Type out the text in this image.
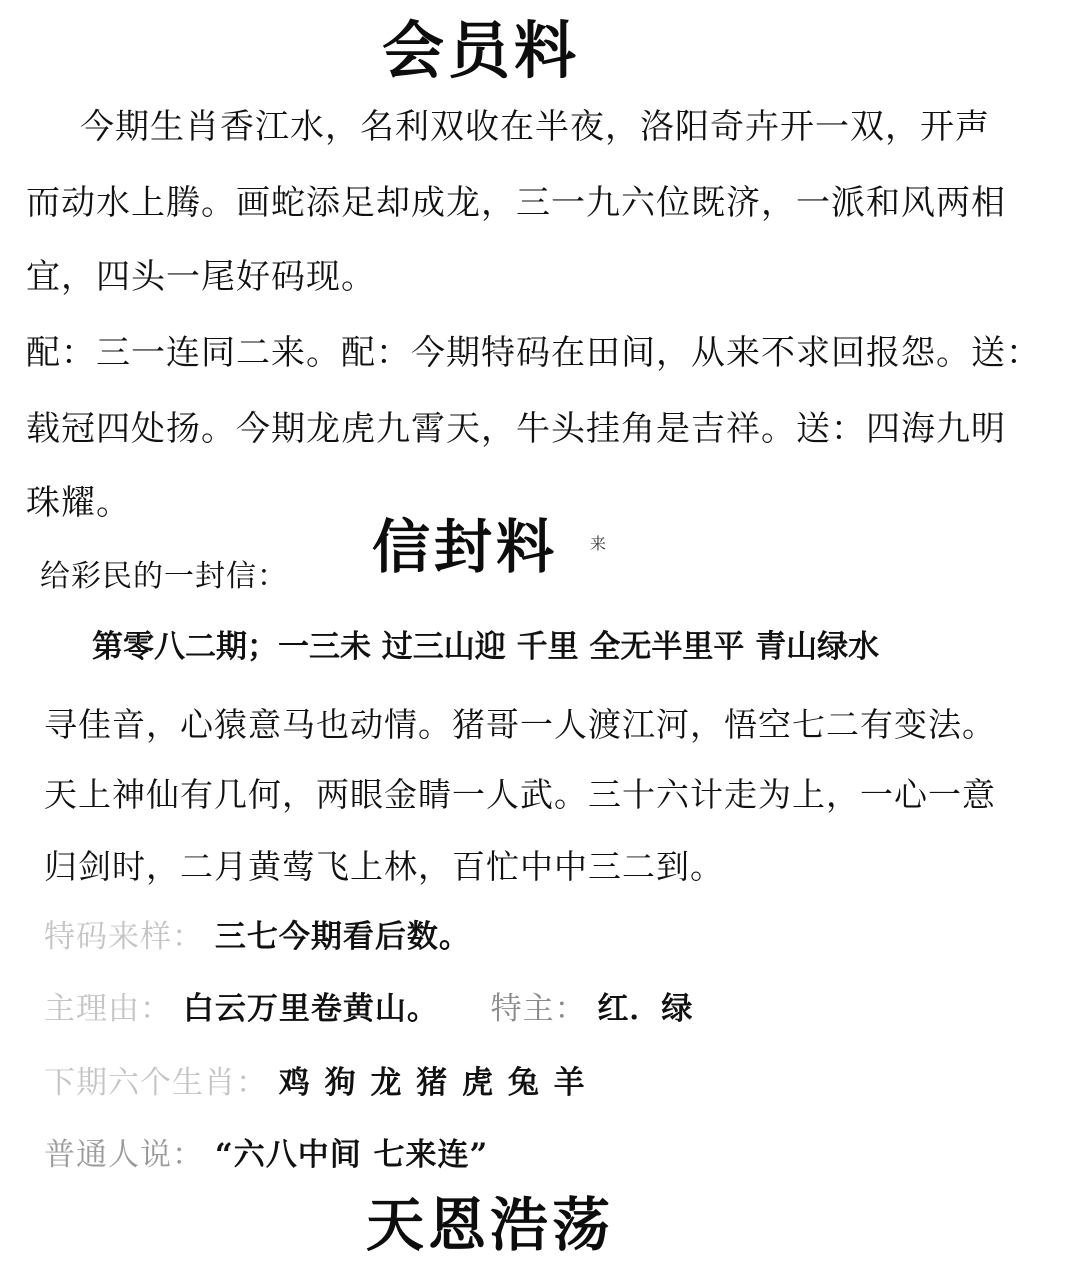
会员料
今期生肖香江水，名利双收在半夜，洛阳奇卉开一双，开声
而动水上腾。画蛇添足却成龙，三一九六位既济，一派和风两相
宜，四头一尾好码现。
配：三一连同二来。配：今期特码在田间，从来不求回报怨。送：
载冠四处扬。今期龙虎九霄天，牛头挂角是吉祥。送：四海九明
珠耀。
信封料 来
给彩民的一封信：
第零八二期；一三未 过三山迎 千里 全无半里平 青山绿水
寻佳音，心猿意马也动情。猪哥一人渡江河，悟空七二有变法。
天上神仙有几何，两眼金睛一人武。三十六计走为上，一心一意
归剑时，二月黄莺飞上林，百忙中中三二到。
特码来样： 三七今期看后数。
主理由： 白云万里卷黄山。 特主： 红．绿
下期六个生肖： 鸡 狗 龙 猪 虎 兔 羊
普通人说： “六八中间 七来连”
天恩浩荡
